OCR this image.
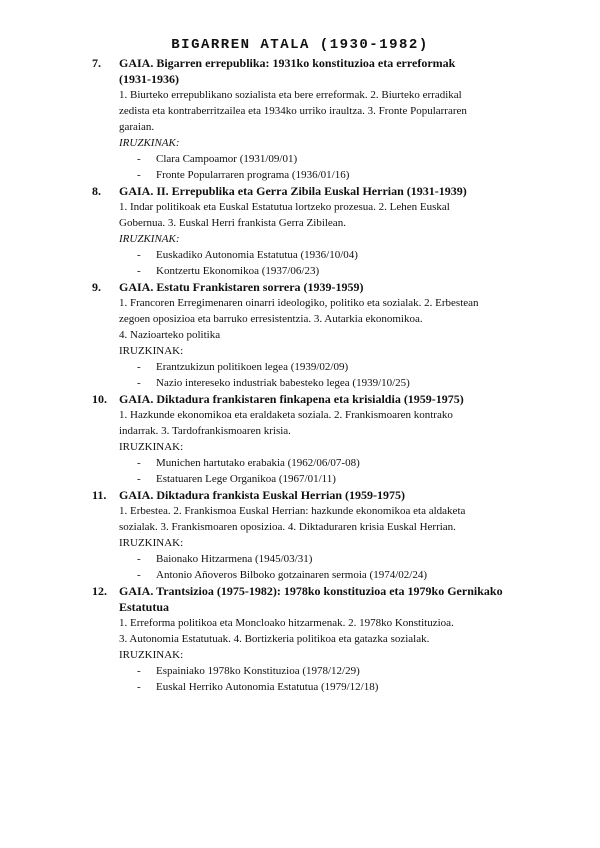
BIGARREN ATALA (1930-1982)
7.	GAIA. Bigarren errepublika: 1931ko konstituzioa eta erreformak

(1931-1936)

1. Biurteko errepublikano sozialista eta bere erreformak. 2. Biurteko erradikal

zedista eta kontraberritzailea eta 1934ko urriko iraultza. 3. Fronte Popularraren

garaian.

IRUZKINAK:

- Clara Campoamor (1931/09/01)
- Fronte Popularraren programa (1936/01/16)
8.	GAIA. II. Errepublika eta Gerra Zibila Euskal Herrian (1931-1939)

1. Indar politikoak eta Euskal Estatutua lortzeko prozesua. 2. Lehen Euskal

Gobernua. 3. Euskal Herri frankista Gerra Zibilean.

IRUZKINAK:

- Euskadiko Autonomia Estatutua (1936/10/04)
- Kontzertu Ekonomikoa (1937/06/23)
9.	GAIA. Estatu Frankistaren sorrera (1939-1959)

1. Francoren Erregimenaren oinarri ideologiko, politiko eta sozialak. 2. Erbestean

zegoen oposizioa eta barruko erresistentzia. 3. Autarkia ekonomikoa.

4. Nazioarteko politika

IRUZKINAK:

- Erantzukizun politikoen legea (1939/02/09)
- Nazio intereseko industriak babesteko legea (1939/10/25)
10.	GAIA. Diktadura frankistaren finkapena eta krisialdia (1959-1975)

1. Hazkunde ekonomikoa eta eraldaketa soziala. 2. Frankismoaren kontrako

indarrak. 3. Tardofrankismoaren krisia.

IRUZKINAK:

- Munichen hartutako erabakia (1962/06/07-08)
- Estatuaren Lege Organikoa (1967/01/11)
11.	GAIA. Diktadura frankista Euskal Herrian (1959-1975)

1. Erbestea. 2. Frankismoa Euskal Herrian: hazkunde ekonomikoa eta aldaketa

sozialak. 3. Frankismoaren oposizioa. 4. Diktaduraren krisia Euskal Herrian.

IRUZKINAK:

- Baionako Hitzarmena (1945/03/31)
- Antonio Añoveros Bilboko gotzainaren sermoia (1974/02/24)
12.	GAIA. Trantsizioa (1975-1982): 1978ko konstituzioa eta 1979ko Gernikako

Estatutua

1. Erreforma politikoa eta Moncloako hitzarmenak. 2. 1978ko Konstituzioa.

3. Autonomia Estatutuak. 4. Bortizkeria politikoa eta gatazka sozialak.

IRUZKINAK:

- Espainiako 1978ko Konstituzioa (1978/12/29)
- Euskal Herriko Autonomia Estatutua (1979/12/18)
